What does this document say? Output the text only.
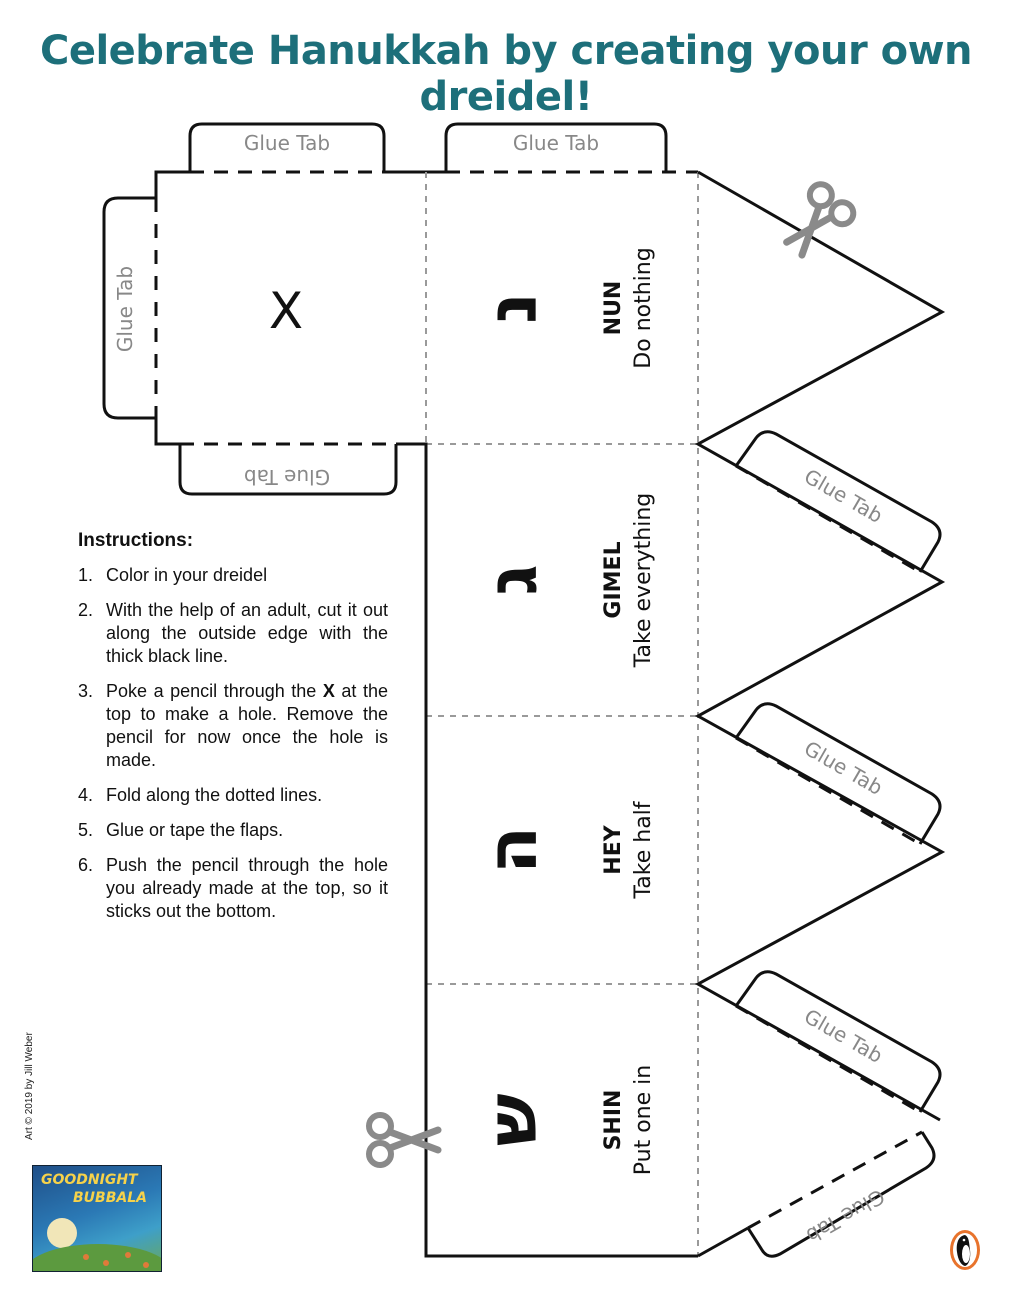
Celebrate Hanukkah by creating your own dreidel!
Glue Tab	Glue Tab
Glue Tab
Glue Tab	Glue Tab
Glue Tab
Glue Tab
Glue Tab
X נ NUN Do nothing
ג GIMEL Take everything
ה HEY Take half
ש SHIN Put one in
Instructions:
1. Color in your dreidel
2. With the help of an adult, cut it out along the outside edge with the thick black line.
3. Poke a pencil through the X at the top to make a hole. Remove the pencil for now once the hole is made.
4. Fold along the dotted lines.
5. Glue or tape the flaps.
6. Push the pencil through the hole you already made at the top, so it sticks out the bottom.
Art © 2019 by Jill Weber
GOODNIGHT
BUBBALA
